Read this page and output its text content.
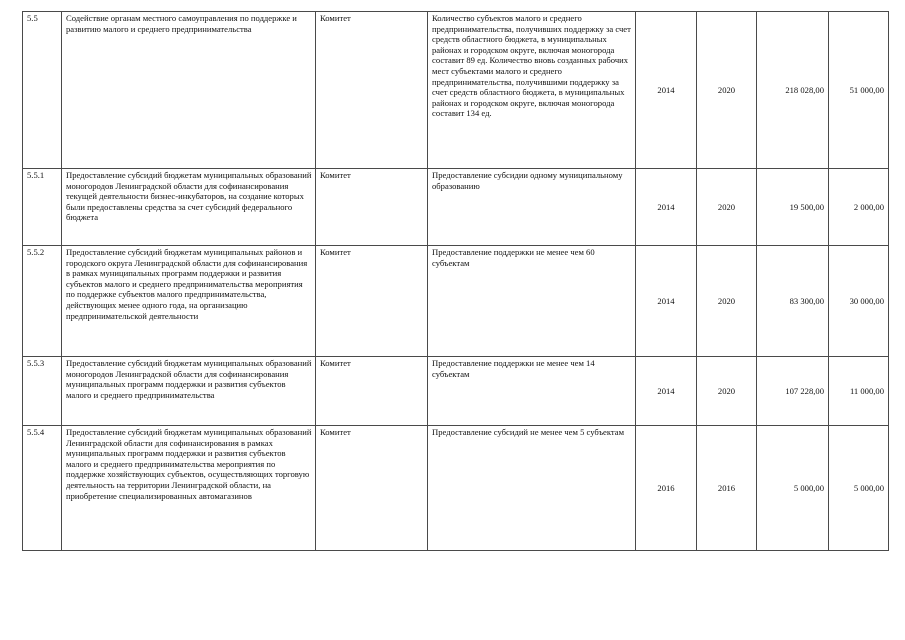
5.5	Содействие органам местного самоуправления по поддержке и развитию малого и среднего предпринимательства	Комитет	Количество субъектов малого и среднего предпринимательства, получивших поддержку за счет средств областного бюджета, в муниципальных районах и городском округе, включая моногорода составит 89 ед. Количество вновь созданных рабочих мест субъектами малого и среднего предпринимательства, получившими поддержку за счет средств областного бюджета, в муниципальных районах и городском округе, включая моногорода составит 134 ед.	2014	2020	218 028,00	51 000,00
5.5.1	Предоставление субсидий бюджетам муниципальных образований моногородов Ленинградской области для софинансирования текущей деятельности бизнес-инкубаторов, на создание которых были предоставлены средства за счет субсидий федерального бюджета	Комитет	Предоставление субсидии одному муниципальному образованию	2014	2020	19 500,00	2 000,00
5.5.2	Предоставление субсидий бюджетам муниципальных районов и городского округа Ленинградской области для софинансирования в рамках муниципальных программ поддержки и развития субъектов малого и среднего предпринимательства мероприятия по поддержке субъектов малого предпринимательства, действующих менее одного года, на организацию предпринимательской деятельности	Комитет	Предоставление поддержки не менее чем 60 субъектам	2014	2020	83 300,00	30 000,00
5.5.3	Предоставление субсидий бюджетам муниципальных образований моногородов Ленинградской области для софинансирования муниципальных программ поддержки и развития субъектов малого и среднего предпринимательства	Комитет	Предоставление поддержки не менее чем 14 субъектам	2014	2020	107 228,00	11 000,00
5.5.4	Предоставление субсидий бюджетам муниципальных образований Ленинградской области для софинансирования в рамках муниципальных программ поддержки и развития субъектов малого и среднего предпринимательства мероприятия по поддержке хозяйствующих субъектов, осуществляющих торговую деятельность на территории Ленинградской области, на приобретение специализированных автомагазинов	Комитет	Предоставление субсидий не менее чем 5 субъектам	2016	2016	5 000,00	5 000,00
